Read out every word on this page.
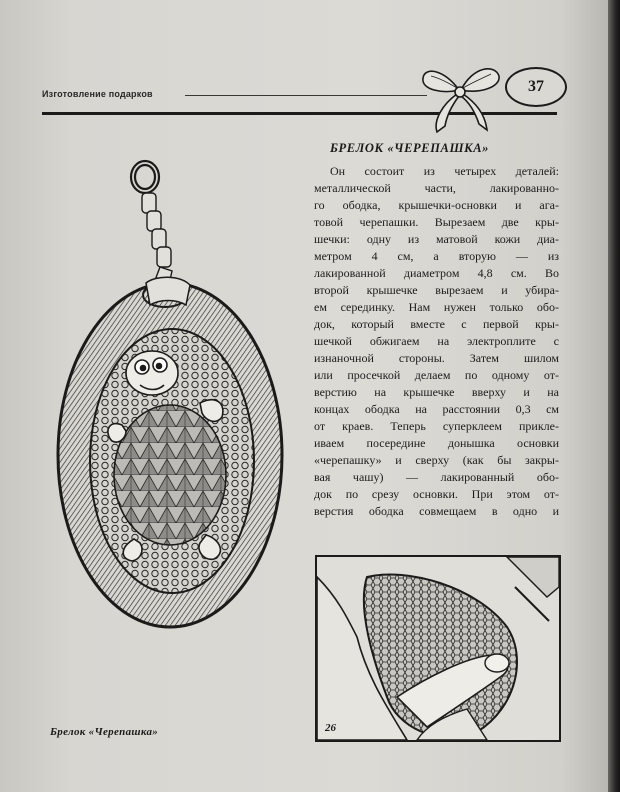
Изготовление подарков	37
БРЕЛОК «ЧЕРЕПАШКА»
Он состоит из четырех деталей:
металлической части, лакированно-
го ободка, крышечки-основки и ага-
товой черепашки. Вырезаем две кры-
шечки: одну из матовой кожи диа-
метром 4 см, а вторую — из
лакированной диаметром 4,8 см. Во
второй крышечке вырезаем и убира-
ем серединку. Нам нужен только обо-
док, который вместе с первой кры-
шечкой обжигаем на электроплите с
изнаночной стороны. Затем шилом
или просечкой делаем по одному от-
верстию на крышечке вверху и на
концах ободка на расстоянии 0,3 см
от краев. Теперь суперклеем прикле-
иваем посередине донышка основки
«черепашку» и сверху (как бы закры-
вая чашу) — лакированный обо-
док по срезу основки. При этом от-
верстия ободка совмещаем в одно и
26
Брелок «Черепашка»
